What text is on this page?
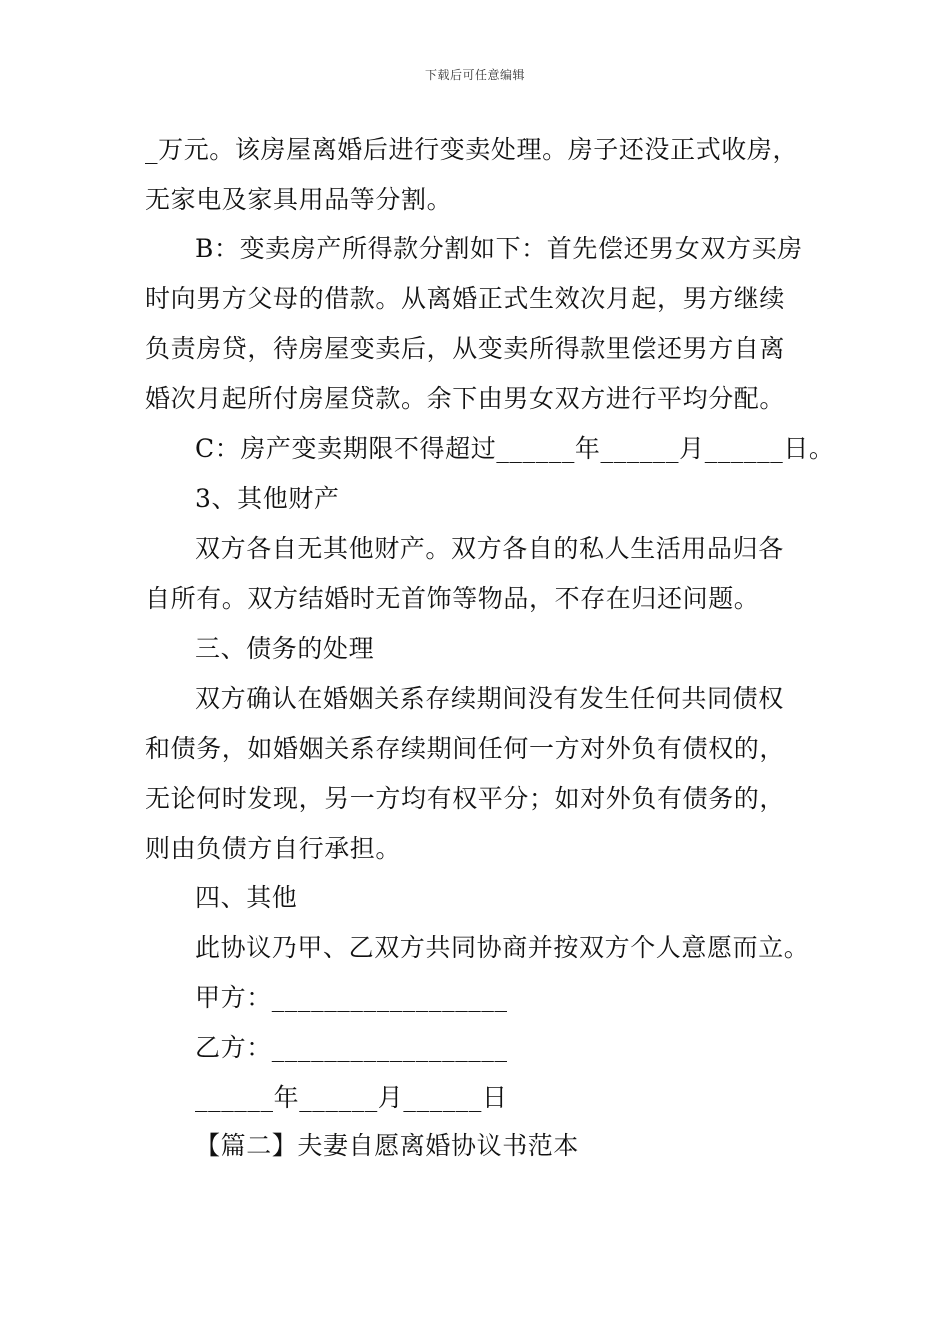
下载后可任意编辑
_万元。该房屋离婚后进行变卖处理。房子还没正式收房，
无家电及家具用品等分割。
B：变卖房产所得款分割如下：首先偿还男女双方买房
时向男方父母的借款。从离婚正式生效次月起，男方继续
负责房贷，待房屋变卖后，从变卖所得款里偿还男方自离
婚次月起所付房屋贷款。余下由男女双方进行平均分配。
C：房产变卖期限不得超过______年______月______日。
3、其他财产
双方各自无其他财产。双方各自的私人生活用品归各
自所有。双方结婚时无首饰等物品，不存在归还问题。
三、债务的处理
双方确认在婚姻关系存续期间没有发生任何共同债权
和债务，如婚姻关系存续期间任何一方对外负有债权的，
无论何时发现，另一方均有权平分；如对外负有债务的，
则由负债方自行承担。
四、其他
此协议乃甲、乙双方共同协商并按双方个人意愿而立。
甲方：__________________
乙方：__________________
______年______月______日
【篇二】夫妻自愿离婚协议书范本
